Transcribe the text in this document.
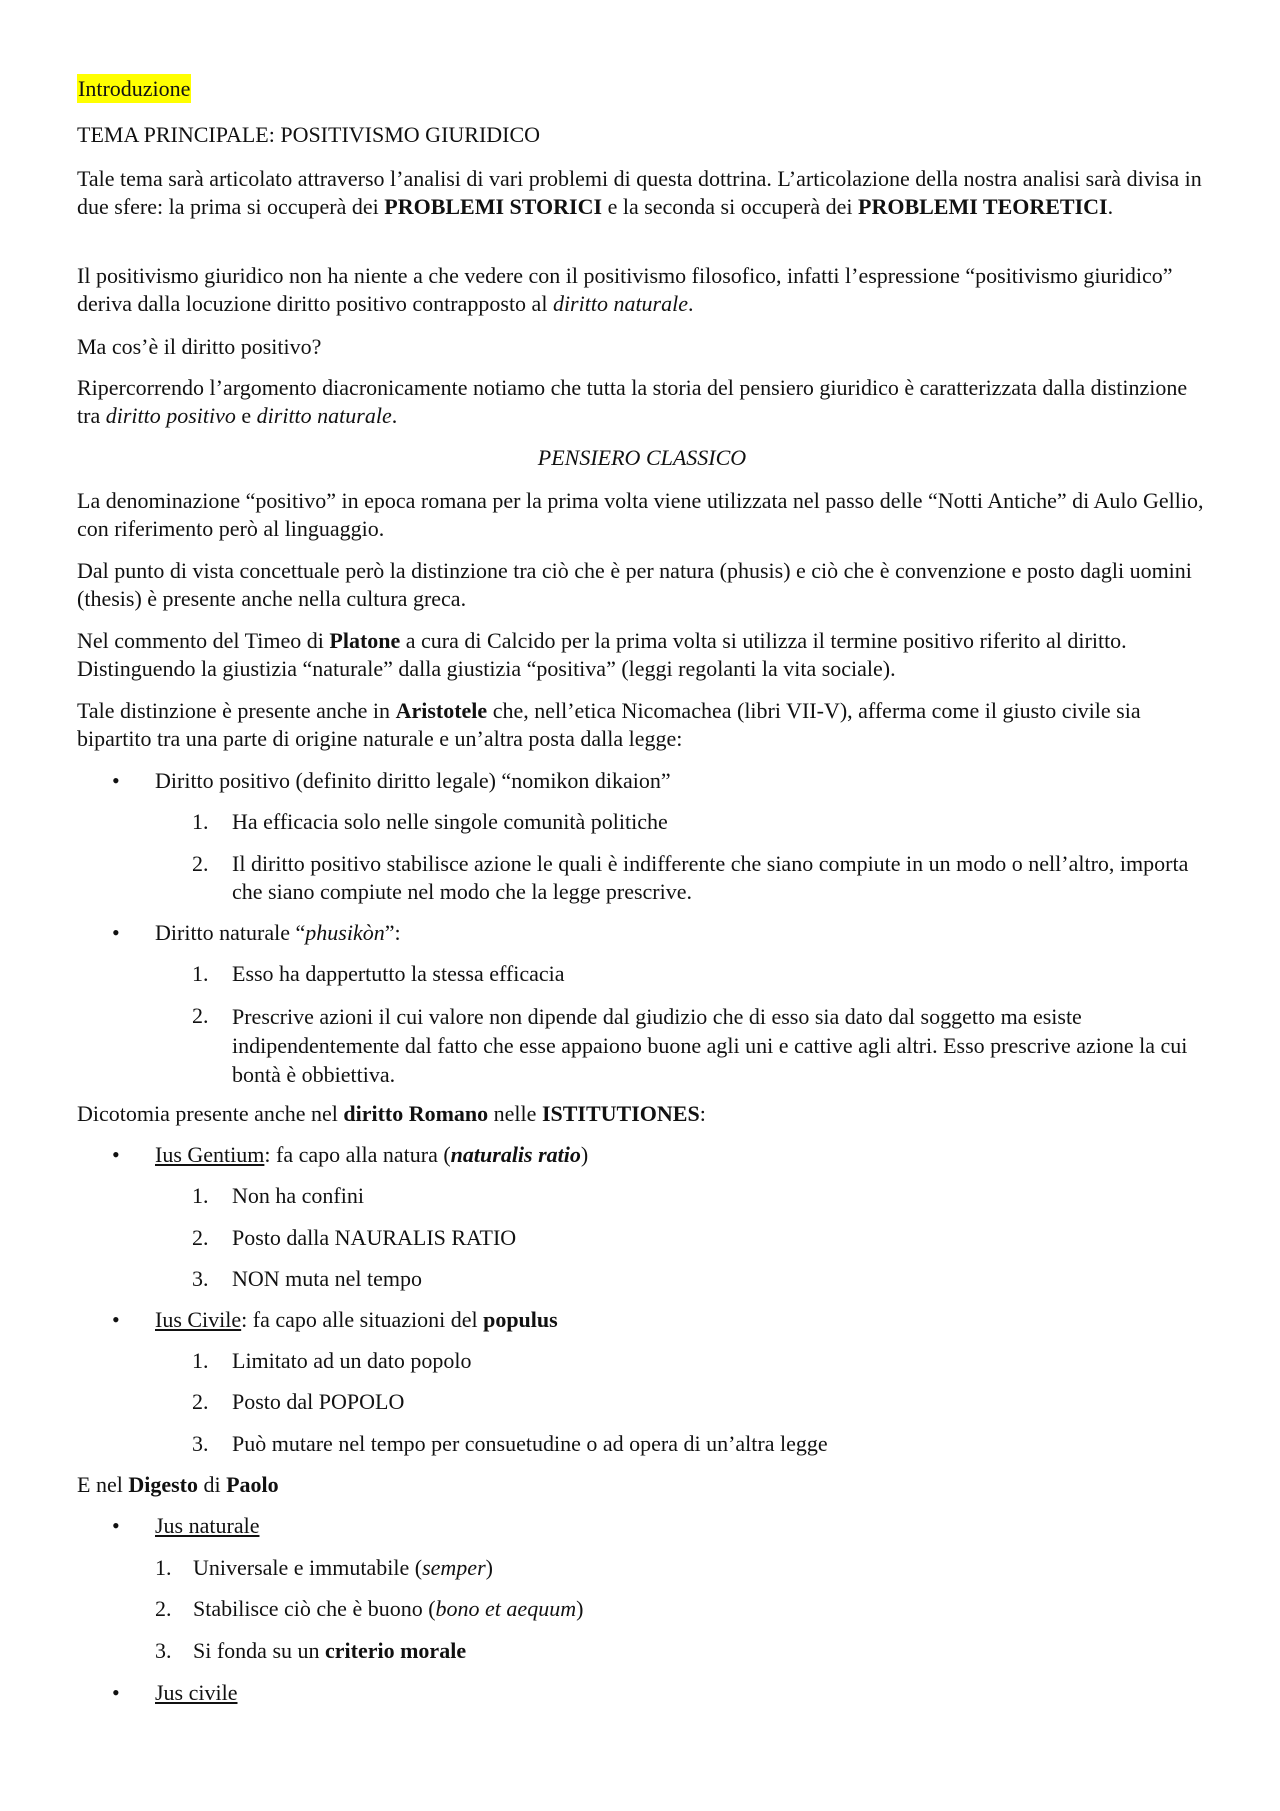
Introduzione
TEMA PRINCIPALE: POSITIVISMO GIURIDICO
Tale tema sarà articolato attraverso l’analisi di vari problemi di questa dottrina. L’articolazione della nostra analisi sarà divisa in due sfere: la prima si occuperà dei PROBLEMI STORICI e la seconda si occuperà dei PROBLEMI TEORETICI.
Il positivismo giuridico non ha niente a che vedere con il positivismo filosofico, infatti l’espressione “positivismo giuridico” deriva dalla locuzione diritto positivo contrapposto al diritto naturale.
Ma cos’è il diritto positivo?
Ripercorrendo l’argomento diacronicamente notiamo che tutta la storia del pensiero giuridico è caratterizzata dalla distinzione tra diritto positivo e diritto naturale.
PENSIERO CLASSICO
La denominazione “positivo” in epoca romana per la prima volta viene utilizzata nel passo delle “Notti Antiche” di Aulo Gellio, con riferimento però al linguaggio.
Dal punto di vista concettuale però la distinzione tra ciò che è per natura (phusis) e ciò che è convenzione e posto dagli uomini (thesis) è presente anche nella cultura greca.
Nel commento del Timeo di Platone a cura di Calcido per la prima volta si utilizza il termine positivo riferito al diritto. Distinguendo la giustizia “naturale” dalla giustizia “positiva” (leggi regolanti la vita sociale).
Tale distinzione è presente anche in Aristotele che, nell’etica Nicomachea (libri VII-V), afferma come il giusto civile sia bipartito tra una parte di origine naturale e un’altra posta dalla legge:
• Diritto positivo (definito diritto legale) “nomikon dikaion”
1. Ha efficacia solo nelle singole comunità politiche
2. Il diritto positivo stabilisce azione le quali è indifferente che siano compiute in un modo o nell’altro, importa che siano compiute nel modo che la legge prescrive.
• Diritto naturale “phusikòn”:
1. Esso ha dappertutto la stessa efficacia
2. Prescrive azioni il cui valore non dipende dal giudizio che di esso sia dato dal soggetto ma esiste indipendentemente dal fatto che esse appaiono buone agli uni e cattive agli altri. Esso prescrive azione la cui bontà è obbiettiva.
Dicotomia presente anche nel diritto Romano nelle ISTITUTIONES:
• Ius Gentium: fa capo alla natura (naturalis ratio)
1. Non ha confini
2. Posto dalla NAURALIS RATIO
3. NON muta nel tempo
• Ius Civile: fa capo alle situazioni del populus
1. Limitato ad un dato popolo
2. Posto dal POPOLO
3. Può mutare nel tempo per consuetudine o ad opera di un’altra legge
E nel Digesto di Paolo
• Jus naturale
1. Universale e immutabile (semper)
2. Stabilisce ciò che è buono (bono et aequum)
3. Si fonda su un criterio morale
• Jus civile
